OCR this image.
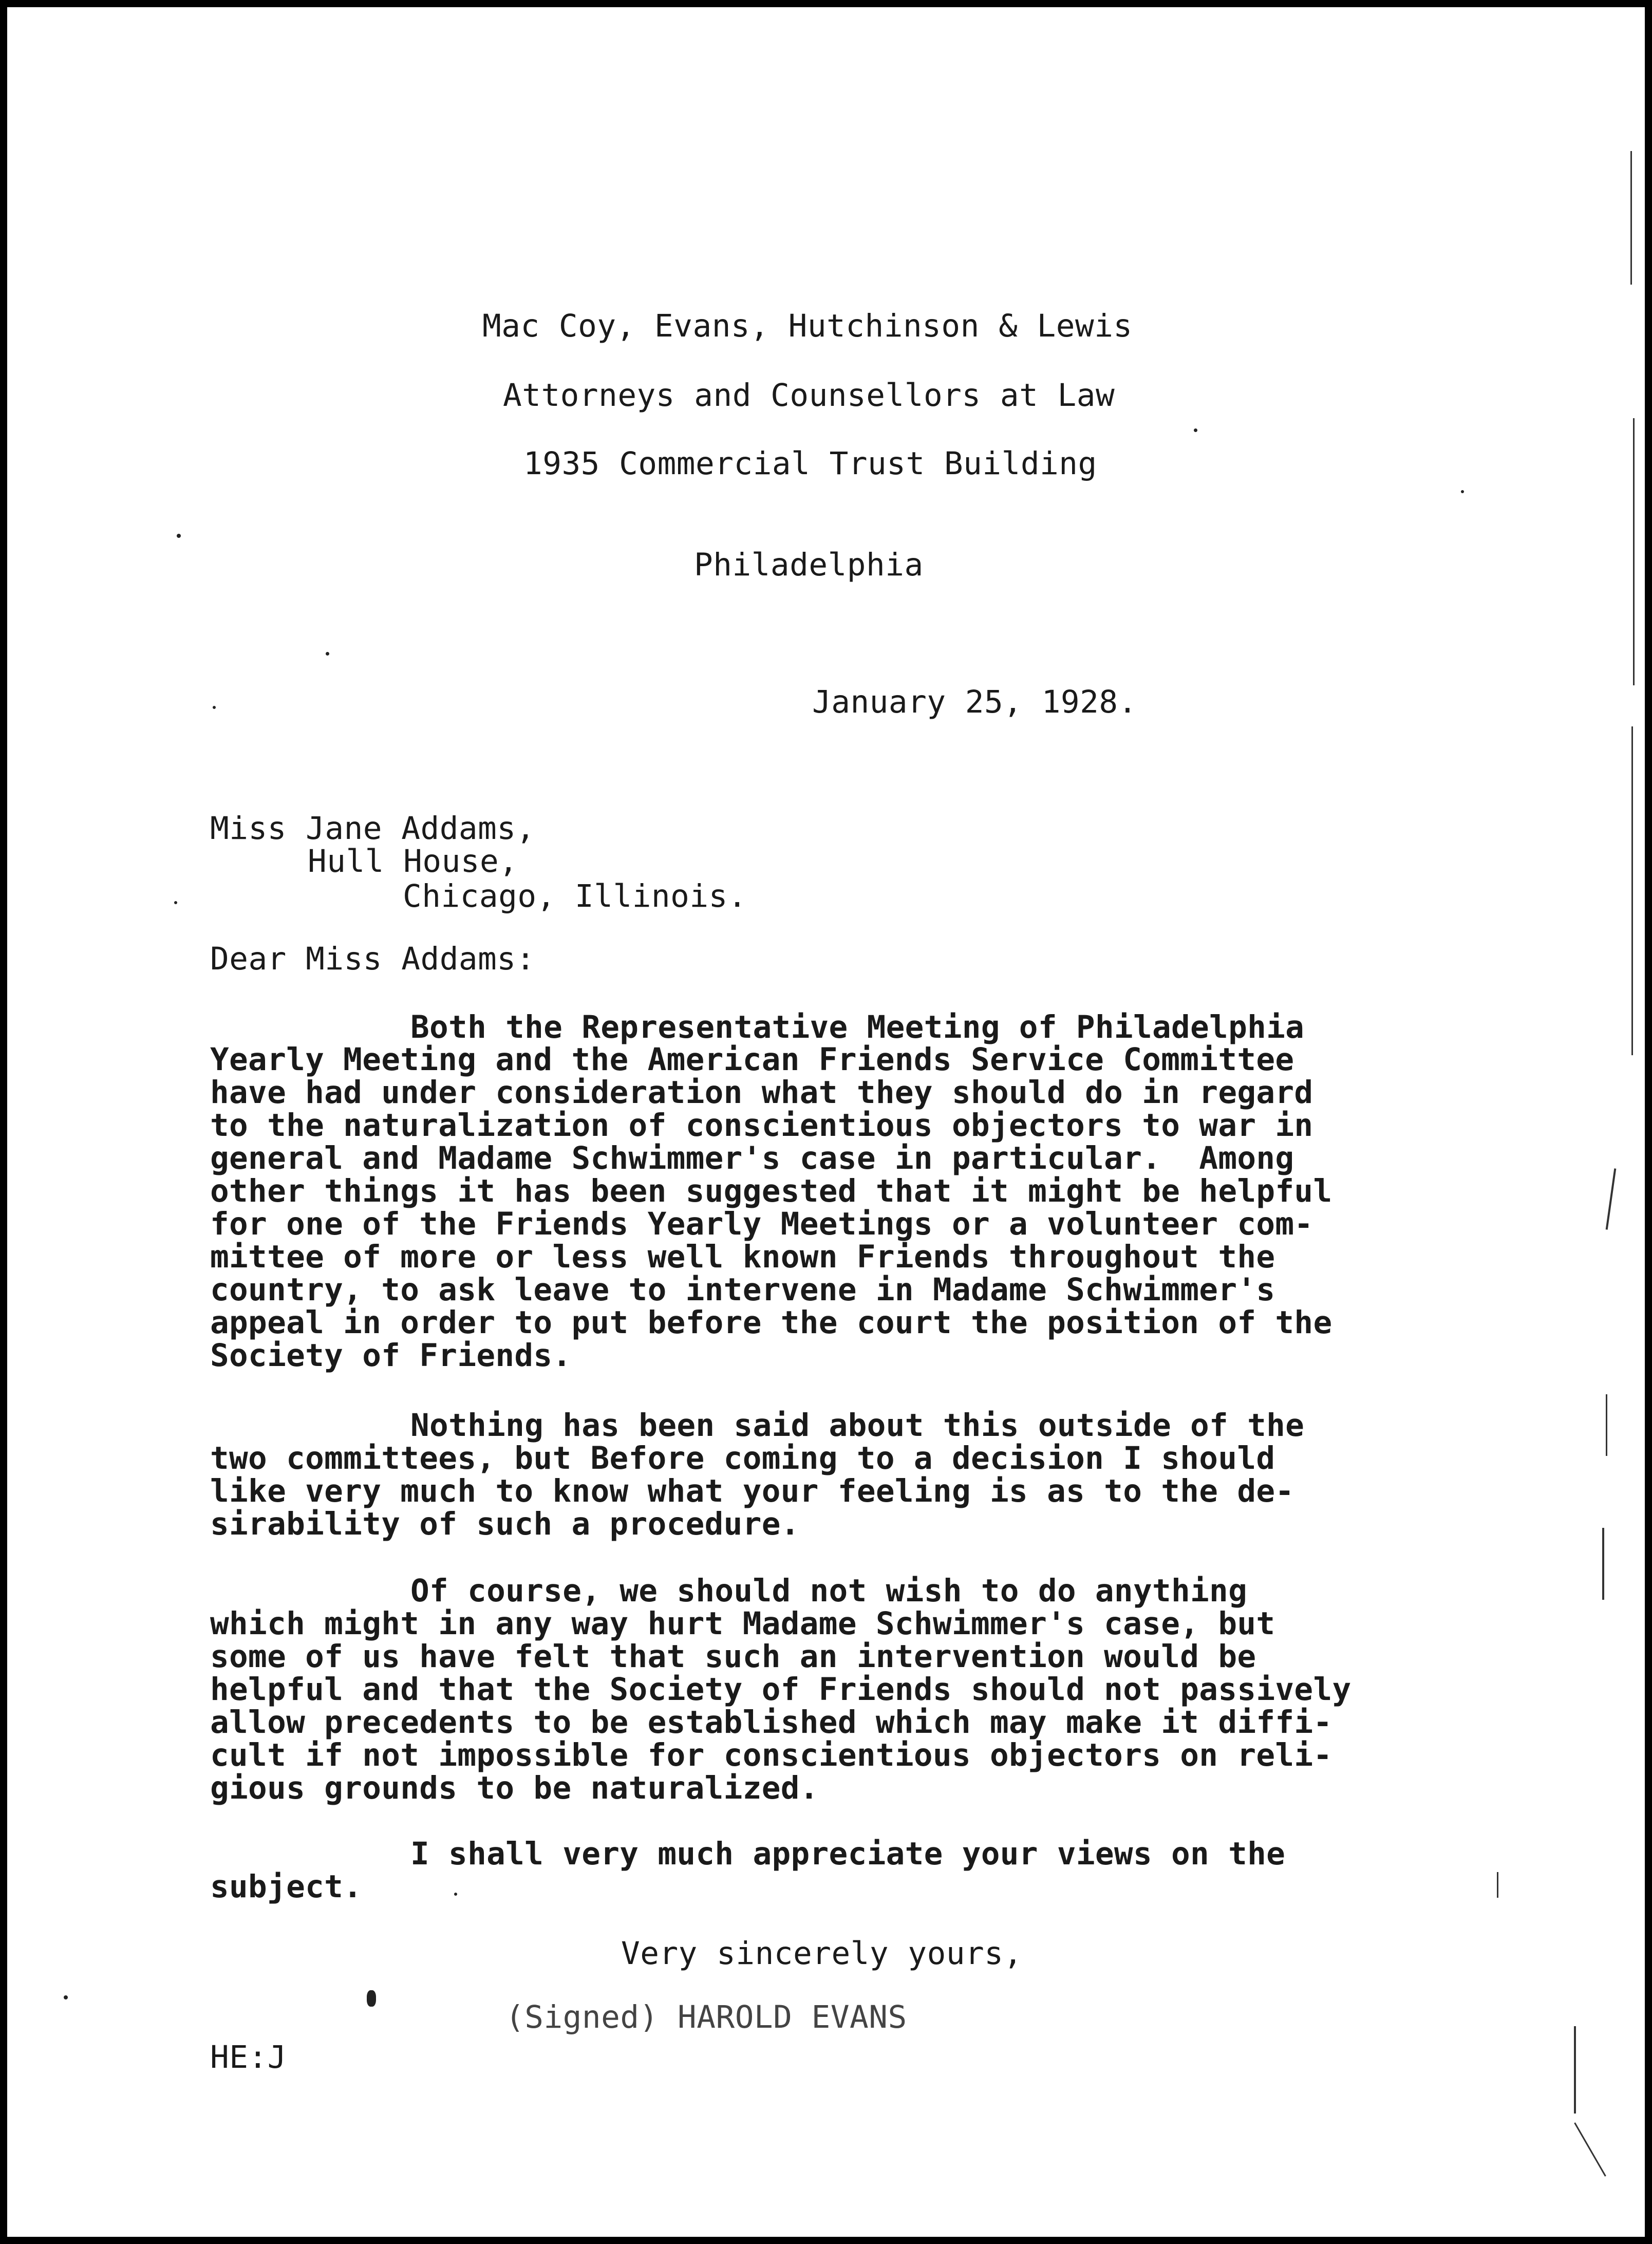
Mac Coy, Evans, Hutchinson & Lewis
Attorneys and Counsellors at Law
1935 Commercial Trust Building
Philadelphia
January 25, 1928.
Miss Jane Addams,
Hull House,
Chicago, Illinois.
Dear Miss Addams:
Both the Representative Meeting of Philadelphia
Yearly Meeting and the American Friends Service Committee
have had under consideration what they should do in regard
to the naturalization of conscientious objectors to war in
general and Madame Schwimmer's case in particular.  Among
other things it has been suggested that it might be helpful
for one of the Friends Yearly Meetings or a volunteer com-
mittee of more or less well known Friends throughout the
country, to ask leave to intervene in Madame Schwimmer's
appeal in order to put before the court the position of the
Society of Friends.
Nothing has been said about this outside of the
two committees, but Before coming to a decision I should
like very much to know what your feeling is as to the de-
sirability of such a procedure.
Of course, we should not wish to do anything
which might in any way hurt Madame Schwimmer's case, but
some of us have felt that such an intervention would be
helpful and that the Society of Friends should not passively
allow precedents to be established which may make it diffi-
cult if not impossible for conscientious objectors on reli-
gious grounds to be naturalized.
I shall very much appreciate your views on the
subject.
Very sincerely yours,
(Signed) HAROLD EVANS
HE:J
